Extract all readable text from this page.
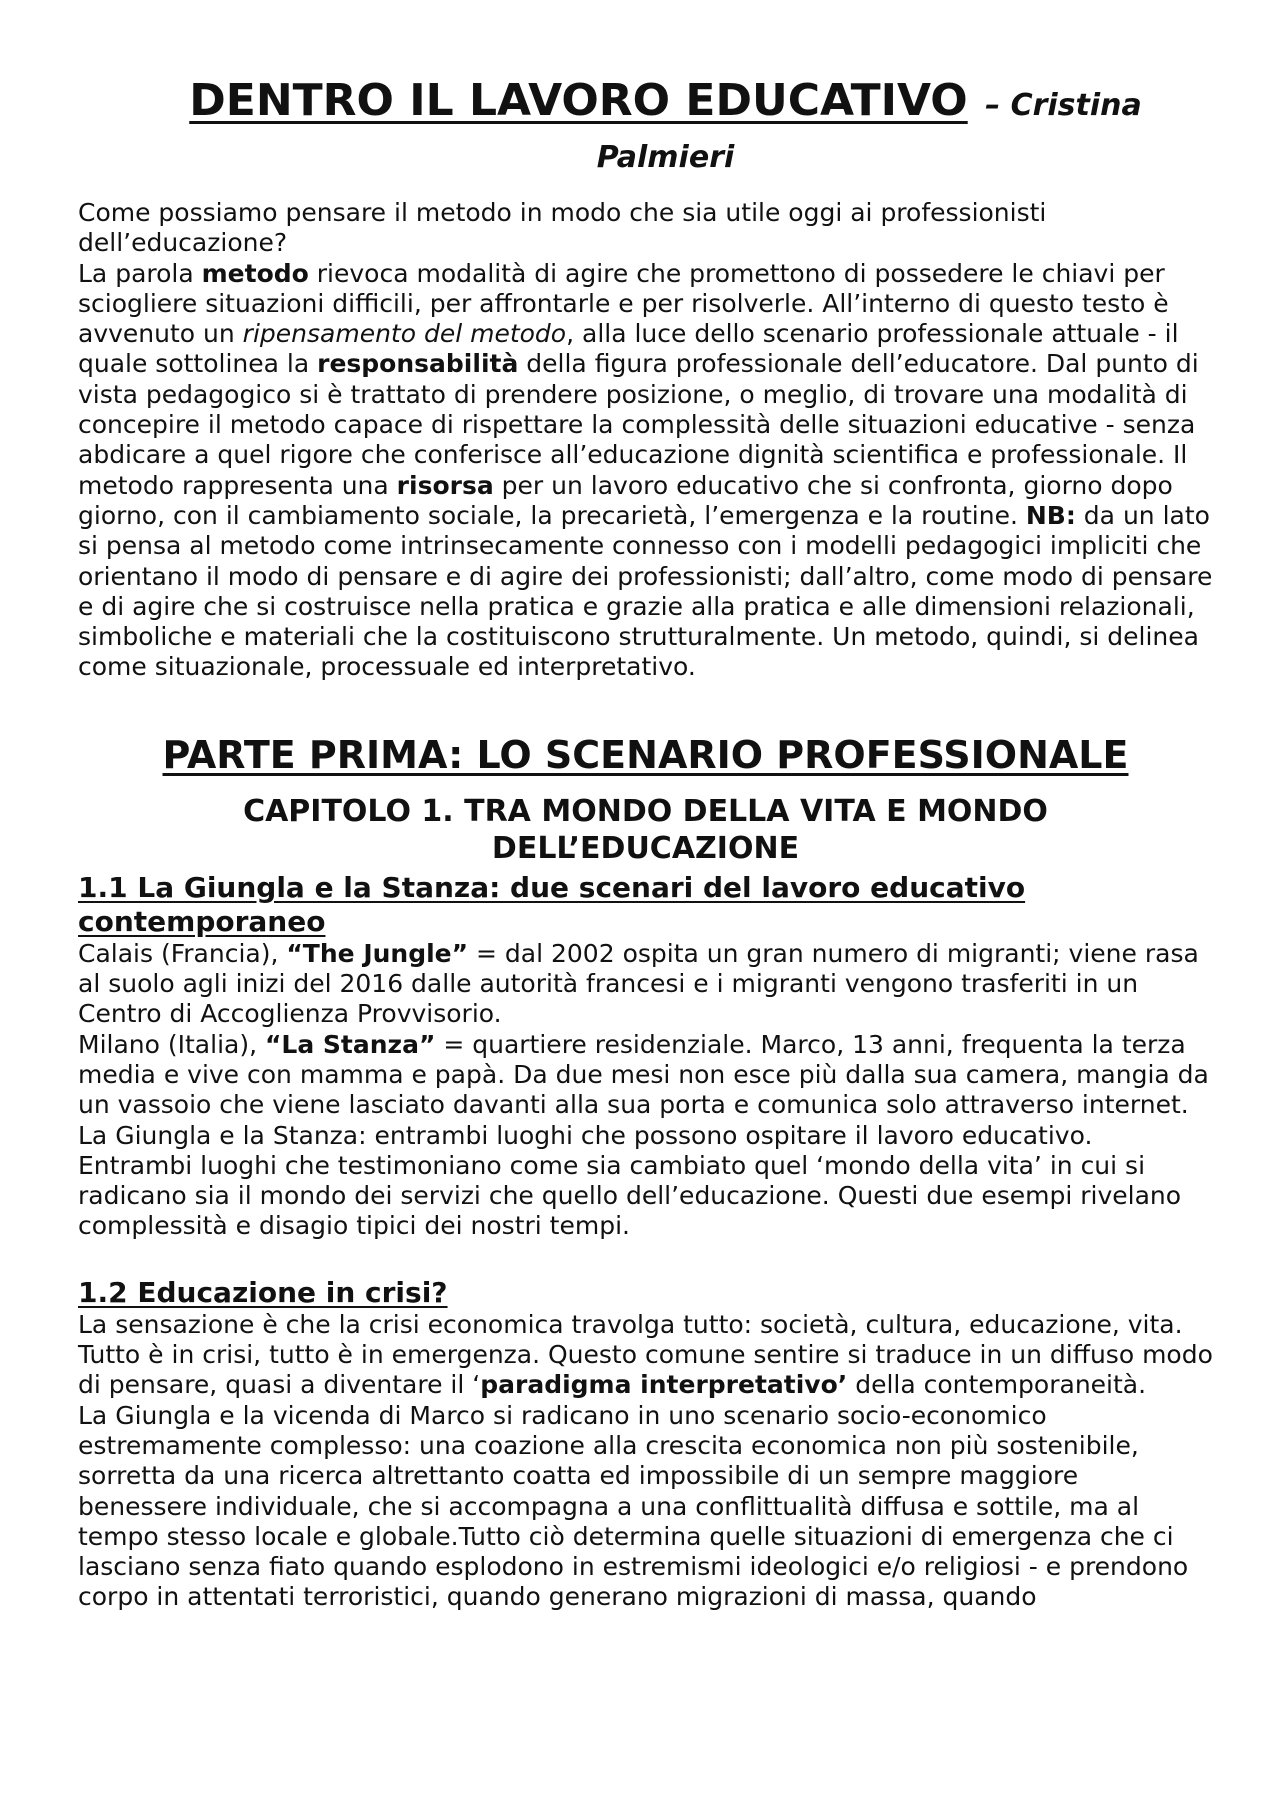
DENTRO IL LAVORO EDUCATIVO – Cristina Palmieri

Come possiamo pensare il metodo in modo che sia utile oggi ai professionisti dell’educazione?

La parola metodo rievoca modalità di agire che promettono di possedere le chiavi per sciogliere situazioni difficili, per affrontarle e per risolverle. All’interno di questo testo è avvenuto un ripensamento del metodo, alla luce dello scenario professionale attuale - il quale sottolinea la responsabilità della figura professionale dell’educatore. Dal punto di vista pedagogico si è trattato di prendere posizione, o meglio, di trovare una modalità di concepire il metodo capace di rispettare la complessità delle situazioni educative - senza abdicare a quel rigore che conferisce all’educazione dignità scientifica e professionale. Il metodo rappresenta una risorsa per un lavoro educativo che si confronta, giorno dopo giorno, con il cambiamento sociale, la precarietà, l’emergenza e la routine. NB: da un lato si pensa al metodo come intrinsecamente connesso con i modelli pedagogici impliciti che orientano il modo di pensare e di agire dei professionisti; dall’altro, come modo di pensare e di agire che si costruisce nella pratica e grazie alla pratica e alle dimensioni relazionali, simboliche e materiali che la costituiscono strutturalmente. Un metodo, quindi, si delinea come situazionale, processuale ed interpretativo.

PARTE PRIMA: LO SCENARIO PROFESSIONALE
CAPITOLO 1. TRA MONDO DELLA VITA E MONDO DELL’EDUCAZIONE
1.1 La Giungla e la Stanza: due scenari del lavoro educativo contemporaneo

Calais (Francia), “The Jungle” = dal 2002 ospita un gran numero di migranti; viene rasa al suolo agli inizi del 2016 dalle autorità francesi e i migranti vengono trasferiti in un Centro di Accoglienza Provvisorio.

Milano (Italia), “La Stanza” = quartiere residenziale. Marco, 13 anni, frequenta la terza media e vive con mamma e papà. Da due mesi non esce più dalla sua camera, mangia da un vassoio che viene lasciato davanti alla sua porta e comunica solo attraverso internet.

La Giungla e la Stanza: entrambi luoghi che possono ospitare il lavoro educativo. Entrambi luoghi che testimoniano come sia cambiato quel ‘mondo della vita’ in cui si radicano sia il mondo dei servizi che quello dell’educazione. Questi due esempi rivelano complessità e disagio tipici dei nostri tempi.

1.2 Educazione in crisi?

La sensazione è che la crisi economica travolga tutto: società, cultura, educazione, vita. Tutto è in crisi, tutto è in emergenza. Questo comune sentire si traduce in un diffuso modo di pensare, quasi a diventare il ‘paradigma interpretativo’ della contemporaneità.

La Giungla e la vicenda di Marco si radicano in uno scenario socio-economico estremamente complesso: una coazione alla crescita economica non più sostenibile, sorretta da una ricerca altrettanto coatta ed impossibile di un sempre maggiore benessere individuale, che si accompagna a una conflittualità diffusa e sottile, ma al tempo stesso locale e globale.Tutto ciò determina quelle situazioni di emergenza che ci lasciano senza fiato quando esplodono in estremismi ideologici e/o religiosi - e prendono corpo in attentati terroristici, quando generano migrazioni di massa, quando
